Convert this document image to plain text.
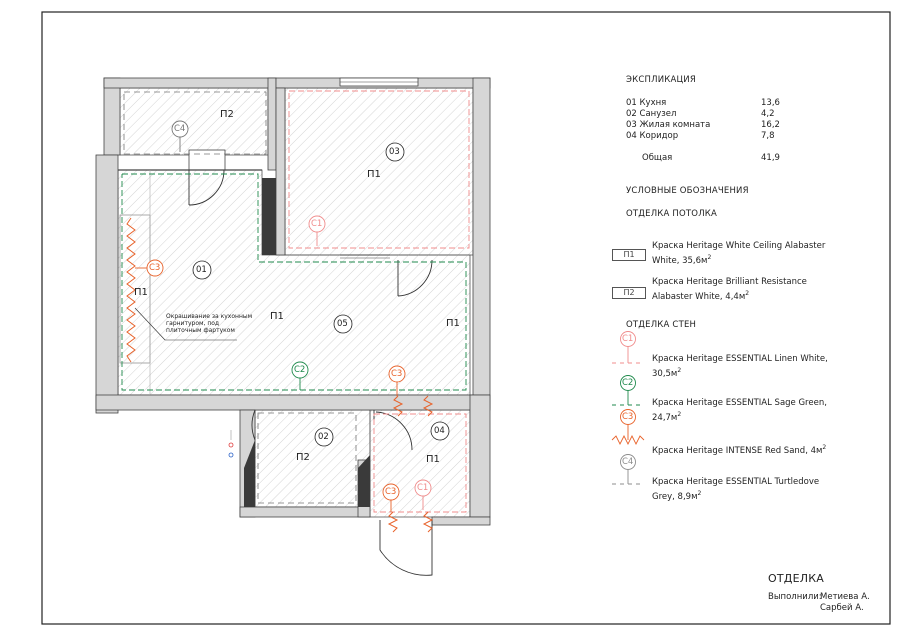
01
02
03
04
05
П2
П1
П1
П1
П1
П2	П1
С4
С1
С1
С3
С3
С3
С2
Окрашивание за кухонным
гарнитуром, под
плиточным фартуком
ЭКСПЛИКАЦИЯ
01 Кухня	13,6
02 Санузел	4,2
03 Жилая комната	16,2
04 Коридор	7,8
Общая	41,9
УСЛОВНЫЕ ОБОЗНАЧЕНИЯ
ОТДЕЛКА ПОТОЛКА
П1
Краска Heritage White Ceiling Alabaster
White, $35,6м^2$
П2
Краска Heritage Brilliant Resistance
Alabaster White, $4,4м^2$
ОТДЕЛКА СТЕН
С1
Краска Heritage ESSENTIAL Linen White,
$30,5м^2$
С2
Краска Heritage ESSENTIAL Sage Green,
$24,7м^2$
С3
Краска Heritage INTENSE Red Sand, $4м^2$
С4
Краска Heritage ESSENTIAL Turtledove
Grey, $8,9м^2$
ОТДЕЛКА
Выполнили:
Метиева А.
Сарбей А.
